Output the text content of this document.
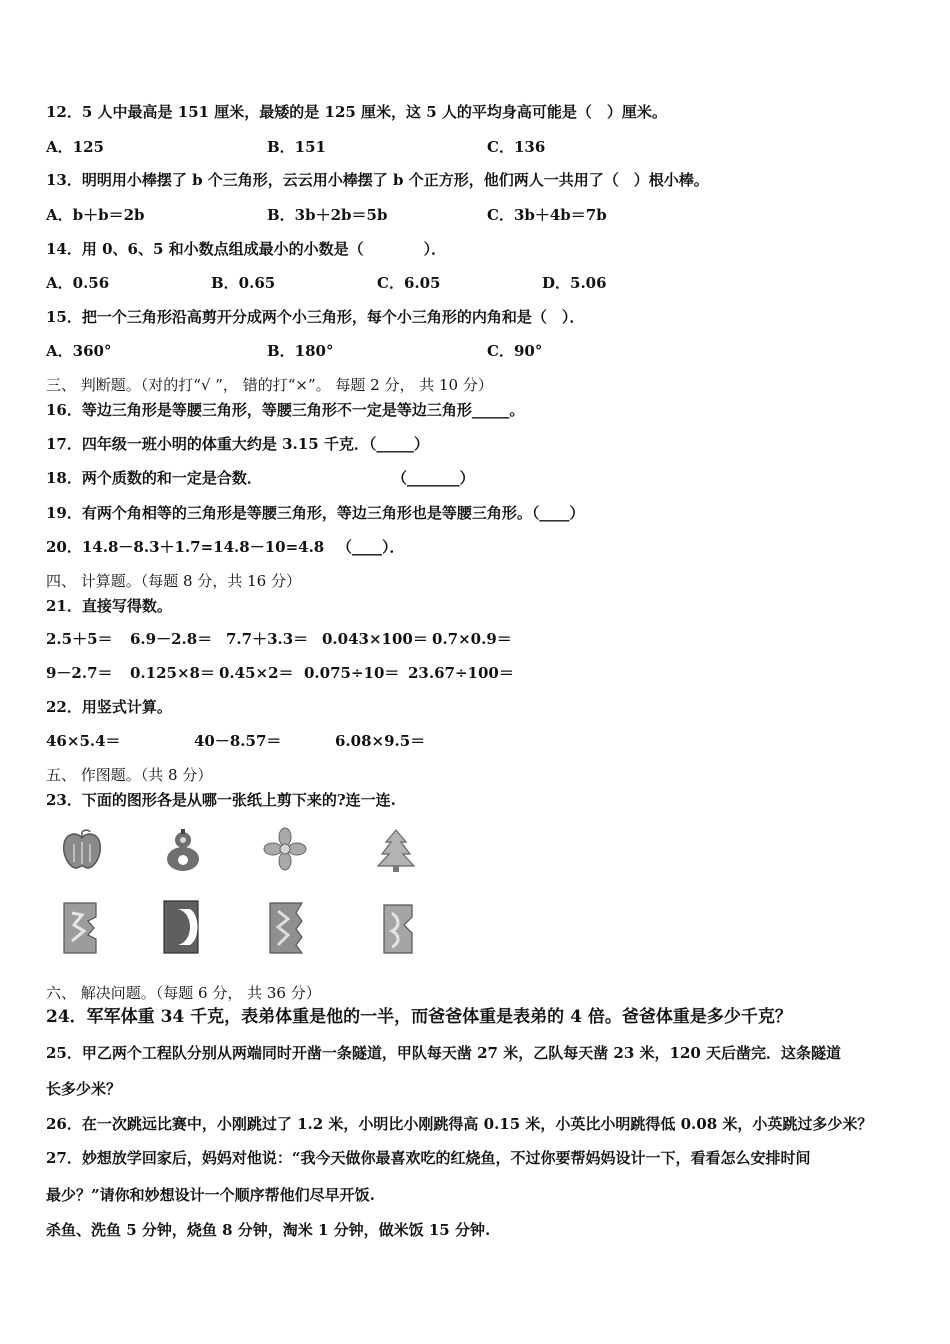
12．5 人中最高是 151 厘米，最矮的是 125 厘米，这 5 人的平均身高可能是（　）厘米。
A．125	B．151	C．136
13．明明用小棒摆了 b 个三角形，云云用小棒摆了 b 个正方形，他们两人一共用了（　）根小棒。
A．b＋b＝2b	B．3b＋2b＝5b	C．3b＋4b＝7b
14．用 0、6、5 和小数点组成最小的小数是（　　　　）．
A．0.56	B．0.65	C．6.05	D．5.06
15．把一个三角形沿高剪开分成两个小三角形，每个小三角形的内角和是（　）．
A．360°	B．180°	C．90°
三、 判断题。（对的打“√ ”， 错的打“×”。 每题 2 分， 共 10 分）
16．等边三角形是等腰三角形，等腰三角形不一定是等边三角形_____。
17．四年级一班小明的体重大约是 3.15 千克．（_____）
18．两个质数的和一定是合数．	（_______）
19．有两个角相等的三角形是等腰三角形，等边三角形也是等腰三角形。（____）
20．14.8－8.3＋1.7=14.8－10=4.8 （____）．
四、 计算题。（每题 8 分，共 16 分）
21．直接写得数。
2.5＋5＝ 6.9－2.8＝ 7.7＋3.3＝ 0.043×100＝ 0.7×0.9＝
9－2.7＝ 0.125×8＝ 0.45×2＝ 0.075÷10＝ 23.67÷100＝
22．用竖式计算。
46×5.4＝	40－8.57＝	6.08×9.5＝
五、 作图题。（共 8 分）
23．下面的图形各是从哪一张纸上剪下来的?连一连.
六、 解决问题。（每题 6 分， 共 36 分）
24．军军体重 34 千克，表弟体重是他的一半，而爸爸体重是表弟的 4 倍。爸爸体重是多少千克？
25．甲乙两个工程队分别从两端同时开凿一条隧道，甲队每天凿 27 米，乙队每天凿 23 米，120 天后凿完．这条隧道
长多少米？
26．在一次跳远比赛中，小刚跳过了 1.2 米，小明比小刚跳得高 0.15 米，小英比小明跳得低 0.08 米，小英跳过多少米？
27．妙想放学回家后，妈妈对他说：“我今天做你最喜欢吃的红烧鱼，不过你要帮妈妈设计一下，看看怎么安排时间
最少？”请你和妙想设计一个顺序帮他们尽早开饭.
杀鱼、洗鱼 5 分钟，烧鱼 8 分钟，淘米 1 分钟，做米饭 15 分钟.
